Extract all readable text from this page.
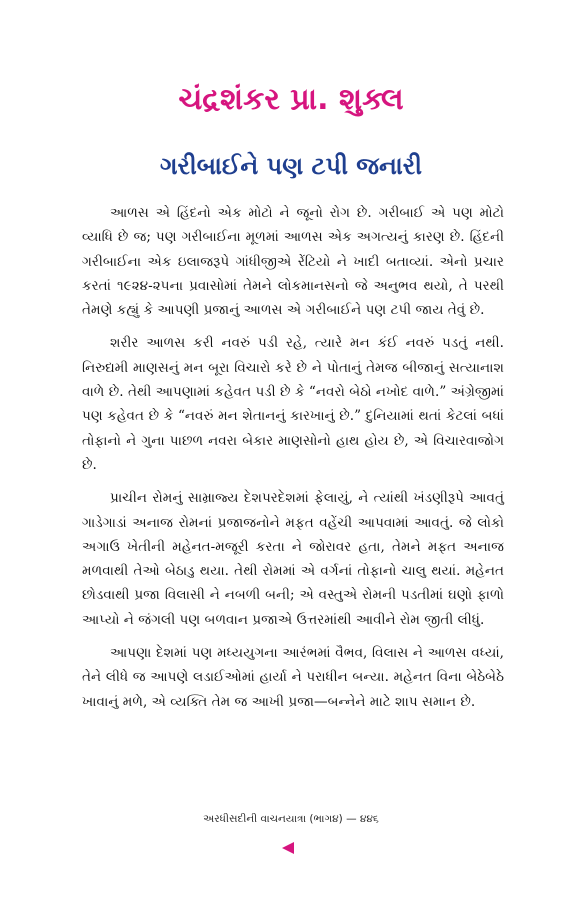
ચંદ્રશંકર પ્રા. શુક્લ
ગરીબાઈને પણ ટપી જનારી

આળસ એ હિંદનો એક મોટો ને જૂનો રોગ છે. ગરીબાઈ એ પણ મોટો વ્યાધિ છે જ; પણ ગરીબાઈના મૂળમાં આળસ એક અગત્યનું કારણ છે. હિંદની ગરીબાઈના એક ઇલાજરૂપે ગાંધીજીએ રેંટિયો ને ખાદી બતાવ્યાં. એનો પ્રચાર કરતાં ૧૯૨૪-૨૫ના પ્રવાસોમાં તેમને લોકમાનસનો જે અનુભવ થયો, તે પરથી તેમણે કહ્યું કે આપણી પ્રજાનું આળસ એ ગરીબાઈને પણ ટપી જાય તેવું છે.

શરીર આળસ કરી નવરું પડી રહે, ત્યારે મન કંઈ નવરું પડતું નથી. નિરુદ્યમી માણસનું મન બૂરા વિચારો કરે છે ને પોતાનું તેમજ બીજાનું સત્યાનાશ વાળે છે. તેથી આપણામાં કહેવત પડી છે કે “નવરો બેઠો નખોદ વાળે.” અંગ્રેજીમાં પણ કહેવત છે કે “નવરું મન શેતાનનું કારખાનું છે.” દુનિયામાં થતાં કેટલાં બધાં તોફાનો ને ગુના પાછળ નવરા બેકાર માણસોનો હાથ હોય છે, એ વિચારવાજોગ છે.

પ્રાચીન રોમનું સામ્રાજ્ય દેશપરદેશમાં ફેલાયું, ને ત્યાંથી ખંડણીરૂપે આવતું ગાડેગાડાં અનાજ રોમનાં પ્રજાજનોને મફત વહેંચી આપવામાં આવતું. જે લોકો અગાઉ ખેતીની મહેનત-મજૂરી કરતા ને જોરાવર હતા, તેમને મફત અનાજ મળવાથી તેઓ બેઠાડુ થયા. તેથી રોમમાં એ વર્ગનાં તોફાનો ચાલુ થયાં. મહેનત છોડવાથી પ્રજા વિલાસી ને નબળી બની; એ વસ્તુએ રોમની પડતીમાં ઘણો ફાળો આપ્યો ને જંગલી પણ બળવાન પ્રજાએ ઉત્તરમાંથી આવીને રોમ જીતી લીધું.

આપણા દેશમાં પણ મધ્યયુગના આરંભમાં વૈભવ, વિલાસ ને આળસ વધ્યાં, તેને લીધે જ આપણે લડાઈઓમાં હાર્યા ને પરાધીન બન્યા. મહેનત વિના બેઠેબેઠે ખાવાનું મળે, એ વ્યક્તિ તેમ જ આખી પ્રજા—બન્નેને માટે શાપ સમાન છે.

અરધીસદીની વાચનયાત્રા (ભાગ૪) — ૪૪૬
